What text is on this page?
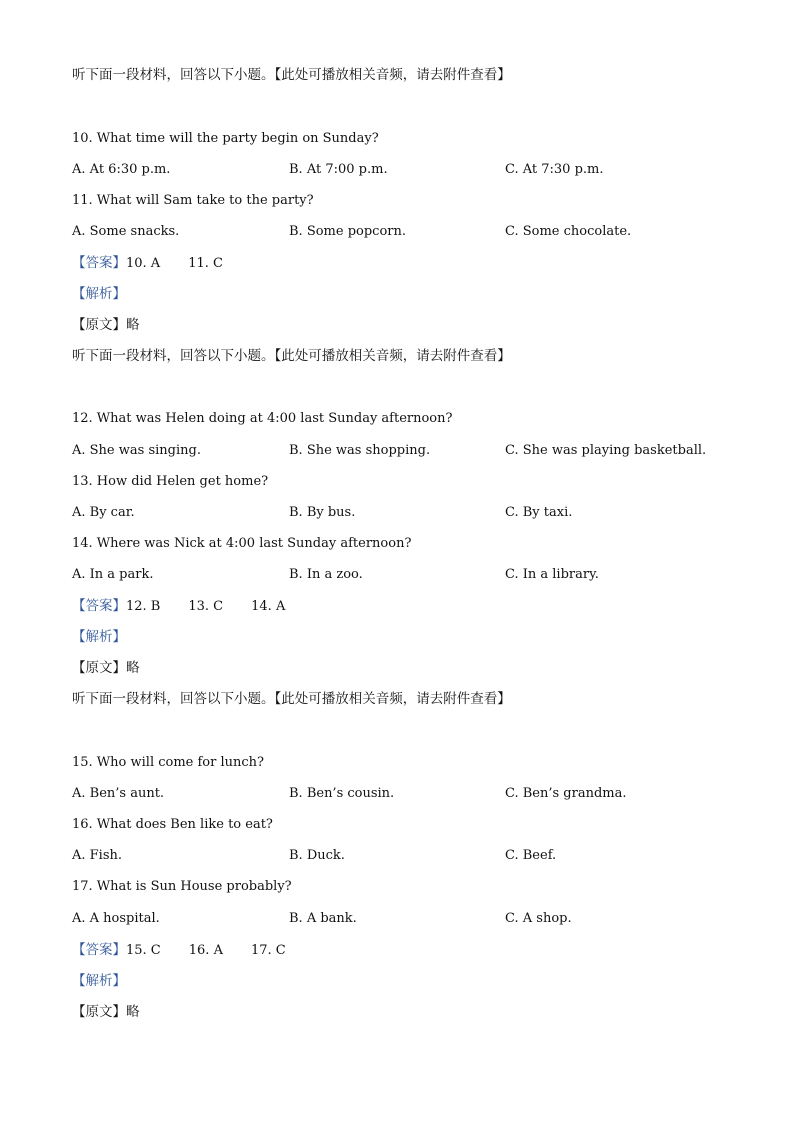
听下面一段材料，回答以下小题。【此处可播放相关音频，请去附件查看】
10. What time will the party begin on Sunday?
A. At 6:30 p.m.	B. At 7:00 p.m.	C. At 7:30 p.m.
11. What will Sam take to the party?
A. Some snacks.	B. Some popcorn.	C. Some chocolate.
【答案】10. A 11. C
【解析】
【原文】略
听下面一段材料，回答以下小题。【此处可播放相关音频，请去附件查看】
12. What was Helen doing at 4:00 last Sunday afternoon?
A. She was singing.	B. She was shopping.	C. She was playing basketball.
13. How did Helen get home?
A. By car.	B. By bus.	C. By taxi.
14. Where was Nick at 4:00 last Sunday afternoon?
A. In a park.	B. In a zoo.	C. In a library.
【答案】12. B 13. C 14. A
【解析】
【原文】略
听下面一段材料，回答以下小题。【此处可播放相关音频，请去附件查看】
15. Who will come for lunch?
A. Ben’s aunt.	B. Ben’s cousin.	C. Ben’s grandma.
16. What does Ben like to eat?
A. Fish.	B. Duck.	C. Beef.
17. What is Sun House probably?
A. A hospital.	B. A bank.	C. A shop.
【答案】15. C 16. A 17. C
【解析】
【原文】略
